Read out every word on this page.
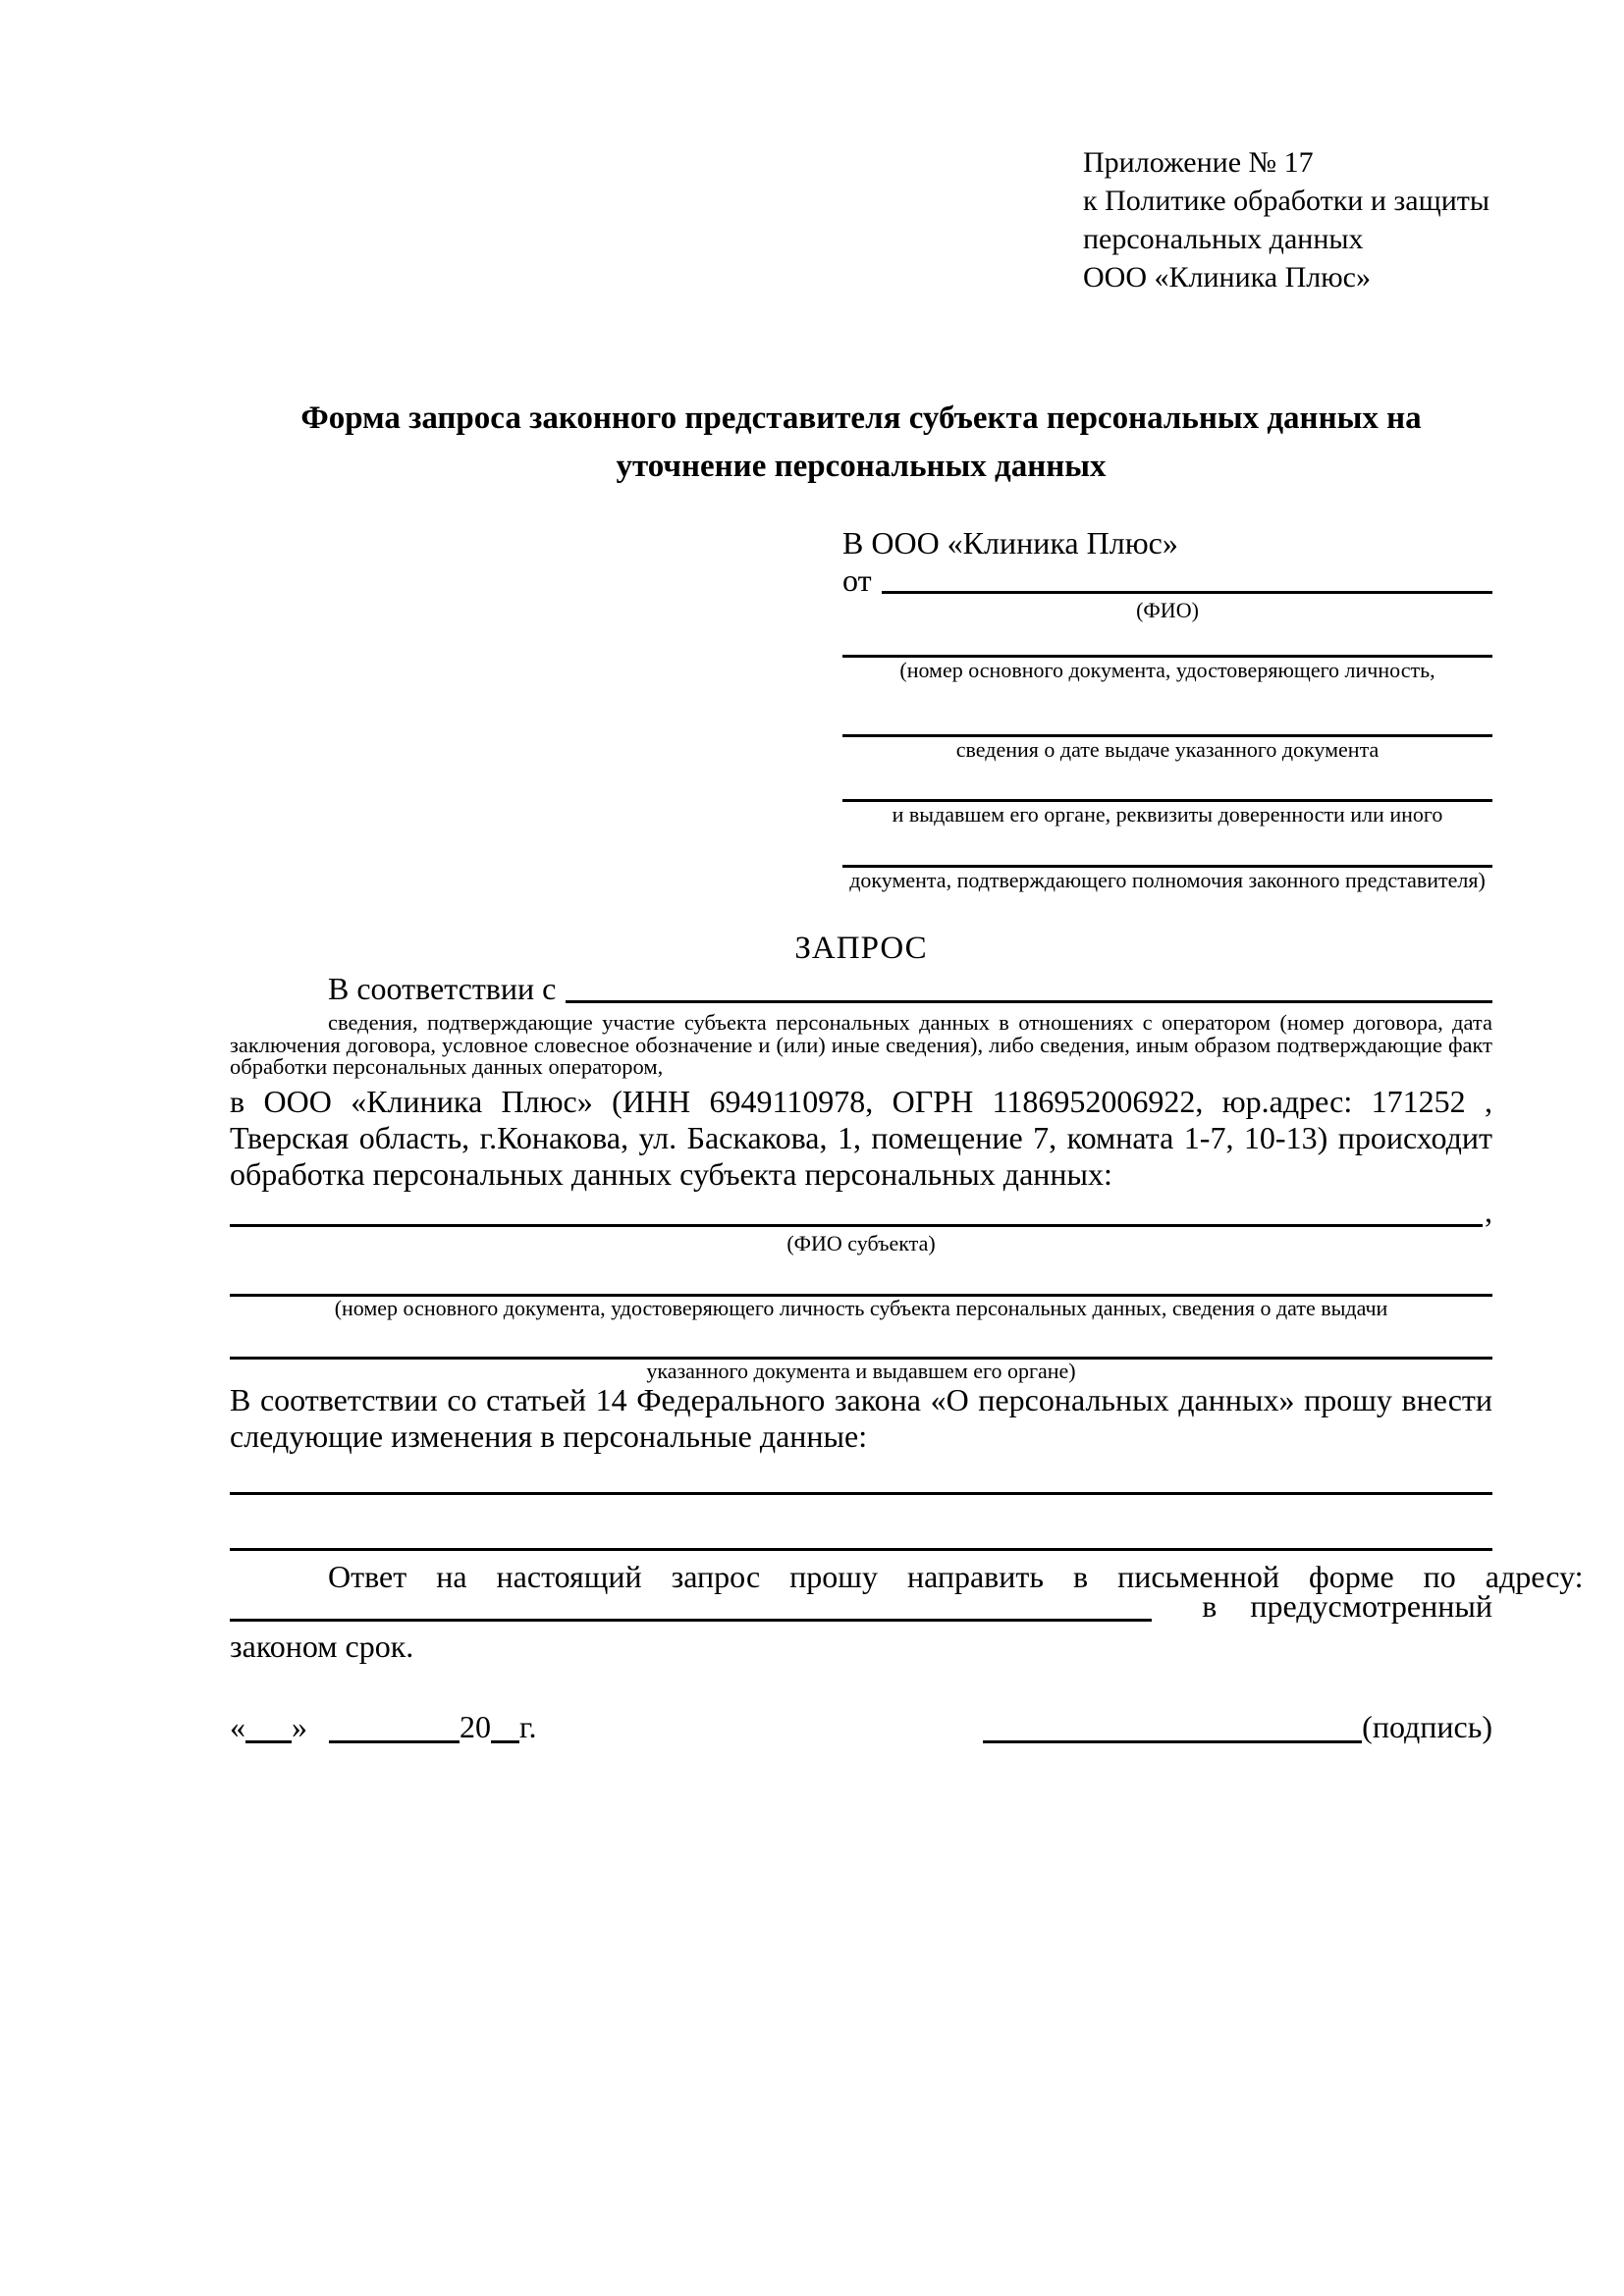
Приложение № 17
к Политике обработки и защиты
персональных данных
ООО «Клиника Плюс»
Форма запроса законного представителя субъекта персональных данных на уточнение персональных данных
В ООО «Клиника Плюс»
от
(ФИО)
(номер основного документа, удостоверяющего личность,
сведения о дате выдаче указанного документа
и выдавшем его органе, реквизиты доверенности или иного
документа, подтверждающего полномочия законного представителя)
ЗАПРОС
В соответствии с
сведения, подтверждающие участие субъекта персональных данных в отношениях с оператором (номер договора, дата заключения договора, условное словесное обозначение и (или) иные сведения), либо сведения, иным образом подтверждающие факт обработки персональных данных оператором,
в ООО «Клиника Плюс» (ИНН 6949110978, ОГРН 1186952006922, юр.адрес: 171252 , Тверская область, г.Конакова, ул. Баскакова, 1, помещение 7, комната 1-7, 10-13) происходит обработка персональных данных субъекта персональных данных:
,
(ФИО субъекта)
(номер основного документа, удостоверяющего личность субъекта персональных данных, сведения о дате выдачи
указанного документа и выдавшем его органе)
В соответствии со статьей 14 Федерального закона «О персональных данных» прошу внести следующие изменения в персональные данные:
Ответ на настоящий запрос прошу направить в письменной форме по адресу:
в предусмотренный
законом срок.
« »	20 г.	(подпись)
